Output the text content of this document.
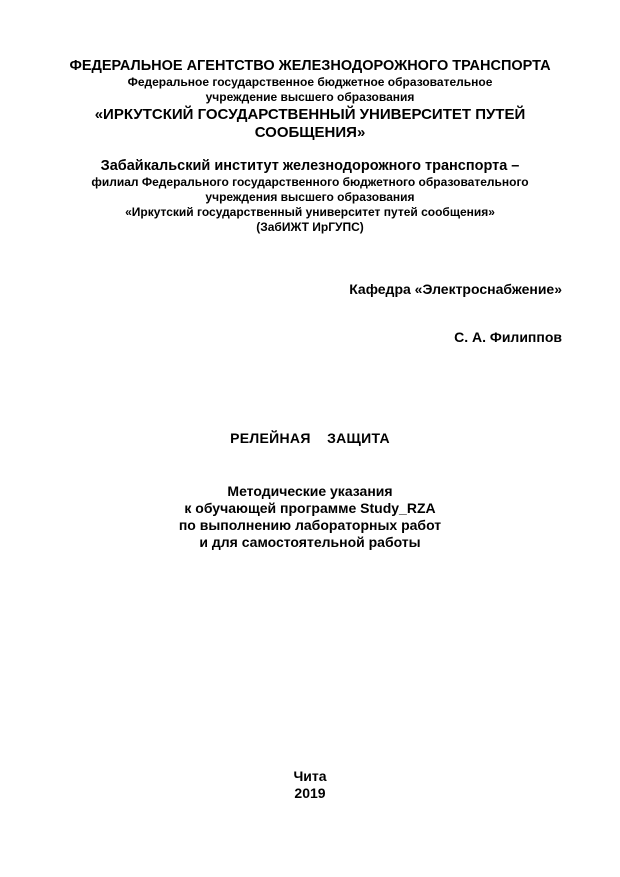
ФЕДЕРАЛЬНОЕ АГЕНТСТВО ЖЕЛЕЗНОДОРОЖНОГО ТРАНСПОРТА
Федеральное государственное бюджетное образовательное
учреждение высшего образования
«ИРКУТСКИЙ ГОСУДАРСТВЕННЫЙ УНИВЕРСИТЕТ ПУТЕЙ
СООБЩЕНИЯ»
Забайкальский институт железнодорожного транспорта –
филиал Федерального государственного бюджетного образовательного
учреждения высшего образования
«Иркутский государственный университет путей сообщения»
(ЗабИЖТ ИрГУПС)
Кафедра «Электроснабжение»
С. А. Филиппов
РЕЛЕЙНАЯ  ЗАЩИТА
Методические указания
к обучающей программе Study_RZA
по выполнению лабораторных работ
и для самостоятельной работы
Чита
2019
